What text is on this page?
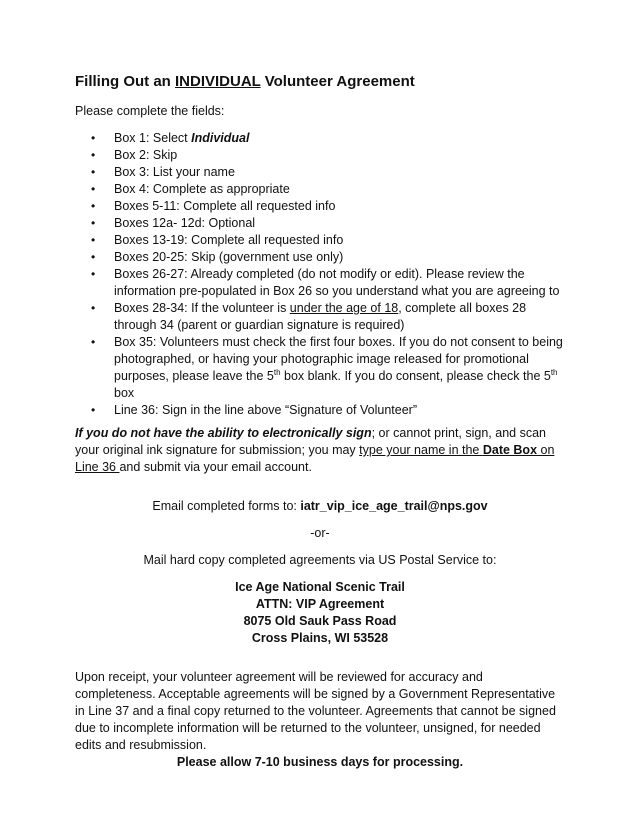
Filling Out an INDIVIDUAL Volunteer Agreement

Please complete the fields:

• Box 1: Select Individual
• Box 2: Skip
• Box 3: List your name
• Box 4: Complete as appropriate
• Boxes 5-11: Complete all requested info
• Boxes 12a- 12d: Optional
• Boxes 13-19: Complete all requested info
• Boxes 20-25: Skip (government use only)
• Boxes 26-27: Already completed (do not modify or edit). Please review the information pre-populated in Box 26 so you understand what you are agreeing to
• Boxes 28-34: If the volunteer is under the age of 18, complete all boxes 28 through 34 (parent or guardian signature is required)
• Box 35: Volunteers must check the first four boxes. If you do not consent to being photographed, or having your photographic image released for promotional purposes, please leave the 5th box blank. If you do consent, please check the 5th box
• Line 36: Sign in the line above “Signature of Volunteer”

If you do not have the ability to electronically sign; or cannot print, sign, and scan your original ink signature for submission; you may type your name in the Date Box on Line 36 and submit via your email account.

Email completed forms to: iatr_vip_ice_age_trail@nps.gov

-or-

Mail hard copy completed agreements via US Postal Service to:

Ice Age National Scenic Trail
ATTN: VIP Agreement
8075 Old Sauk Pass Road
Cross Plains, WI 53528

Upon receipt, your volunteer agreement will be reviewed for accuracy and completeness. Acceptable agreements will be signed by a Government Representative in Line 37 and a final copy returned to the volunteer. Agreements that cannot be signed due to incomplete information will be returned to the volunteer, unsigned, for needed edits and resubmission.

Please allow 7-10 business days for processing.
